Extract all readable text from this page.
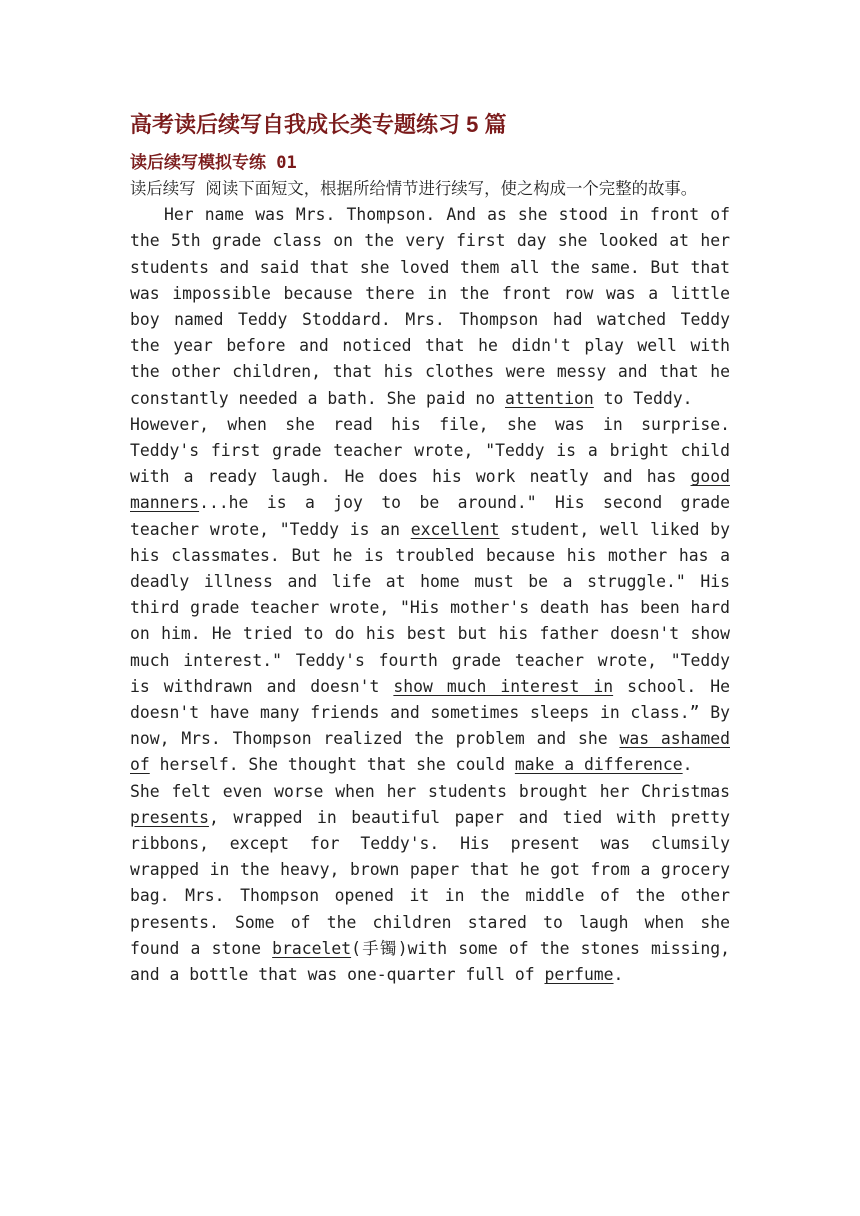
高考读后续写自我成长类专题练习 5 篇
读后续写模拟专练 01

读后续写 阅读下面短文，根据所给情节进行续写，使之构成一个完整的故事。

Her name was Mrs. Thompson. And as she stood in front of the 5th grade class on the very first day she looked at her students and said that she loved them all the same. But that was impossible because there in the front row was a little boy named Teddy Stoddard. Mrs. Thompson had watched Teddy the year before and noticed that he didn't play well with the other children, that his clothes were messy and that he constantly needed a bath. She paid no attention to Teddy.

However, when she read his file, she was in surprise. Teddy's first grade teacher wrote, "Teddy is a bright child with a ready laugh. He does his work neatly and has good manners...he is a joy to be around." His second grade teacher wrote, "Teddy is an excellent student, well liked by his classmates. But he is troubled because his mother has a deadly illness and life at home must be a struggle." His third grade teacher wrote, "His mother's death has been hard on him. He tried to do his best but his father doesn't show much interest." Teddy's fourth grade teacher wrote, "Teddy is withdrawn and doesn't show much interest in school. He doesn't have many friends and sometimes sleeps in class.” By now, Mrs. Thompson realized the problem and she was ashamed of herself. She thought that she could make a difference.

She felt even worse when her students brought her Christmas presents, wrapped in beautiful paper and tied with pretty ribbons, except for Teddy's. His present was clumsily wrapped in the heavy, brown paper that he got from a grocery bag. Mrs. Thompson opened it in the middle of the other presents. Some of the children stared to laugh when she found a stone bracelet(手镯)with some of the stones missing, and a bottle that was one-quarter full of perfume.
